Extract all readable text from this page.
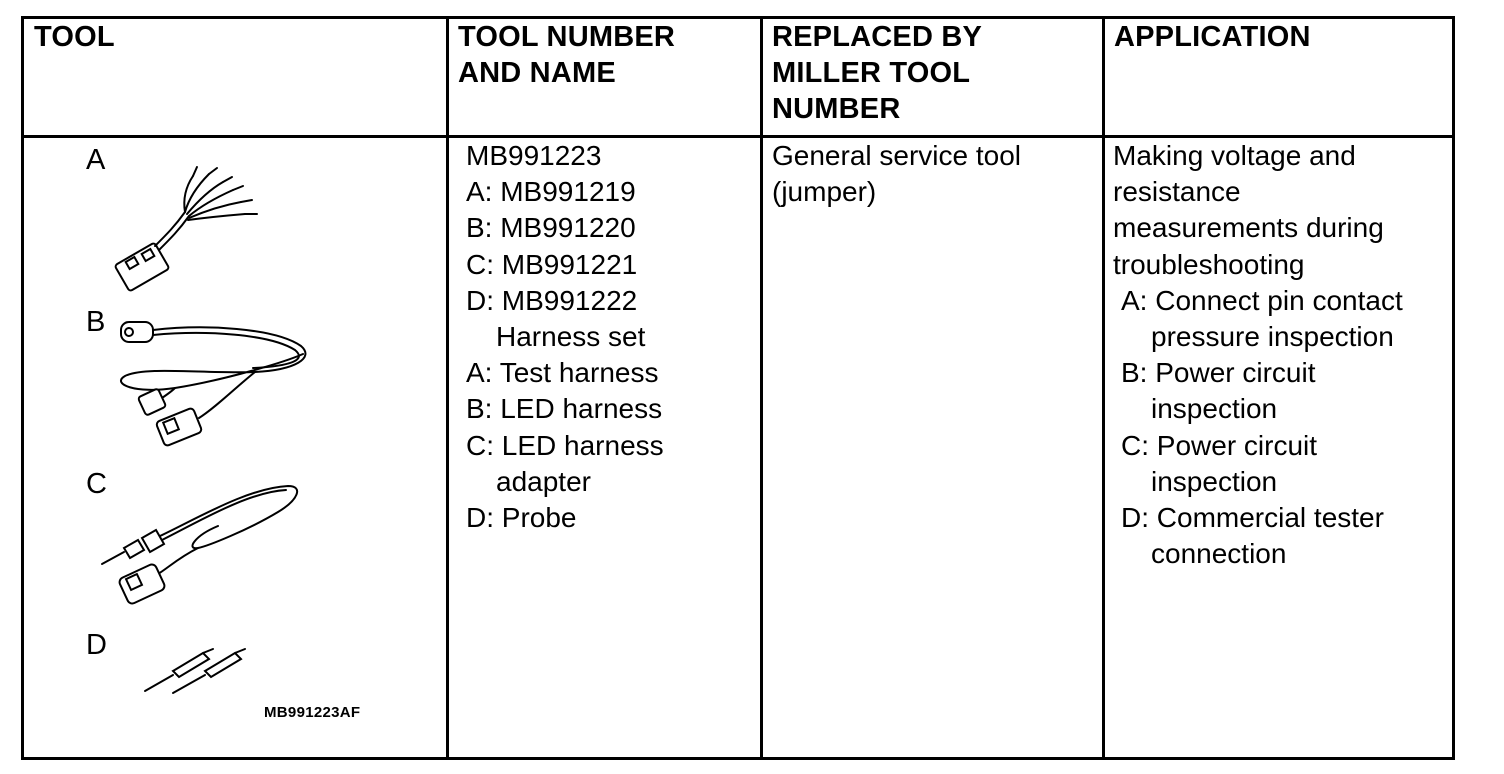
TOOL	TOOL NUMBER
AND NAME
REPLACED BY
MILLER TOOL
NUMBER
APPLICATION
A
B
C
D
MB991223AF
MB991223
A: MB991219
B: MB991220
C: MB991221
D: MB991222
Harness set
A: Test harness
B: LED harness
C: LED harness
adapter
D: Probe
General service tool
(jumper)
Making voltage and
resistance
measurements during
troubleshooting
A: Connect pin contact
pressure inspection
B: Power circuit
inspection
C: Power circuit
inspection
D: Commercial tester
connection
